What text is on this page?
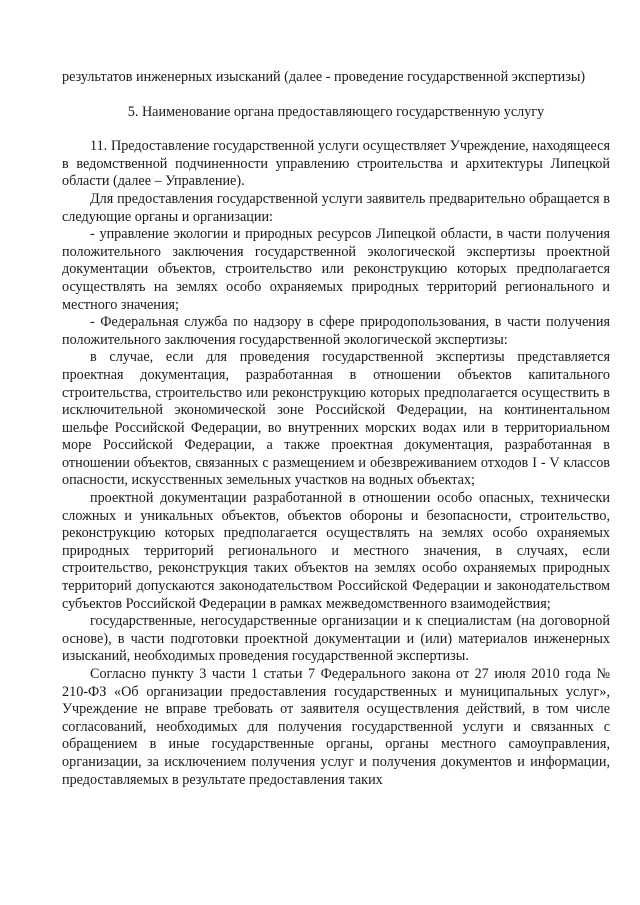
результатов инженерных изысканий (далее - проведение государственной экспертизы)

5. Наименование органа предоставляющего государственную услугу

11. Предоставление государственной услуги осуществляет Учреждение, находящееся в ведомственной подчиненности управлению строительства и архитектуры Липецкой области (далее – Управление).

Для предоставления государственной услуги заявитель предварительно обращается в следующие органы и организации:

- управление экологии и природных ресурсов Липецкой области, в части получения положительного заключения государственной экологической экспертизы проектной документации объектов, строительство или реконструкцию которых предполагается осуществлять на землях особо охраняемых природных территорий регионального и местного значения;

- Федеральная служба по надзору в сфере природопользования, в части получения положительного заключения государственной экологической экспертизы:

в случае, если для проведения государственной экспертизы представляется проектная документация, разработанная в отношении объектов капитального строительства, строительство или реконструкцию которых предполагается осуществить в исключительной экономической зоне Российской Федерации, на континентальном шельфе Российской Федерации, во внутренних морских водах или в территориальном море Российской Федерации, а также проектная документация, разработанная в отношении объектов, связанных с размещением и обезвреживанием отходов I - V классов опасности, искусственных земельных участков на водных объектах;

проектной документации разработанной в отношении особо опасных, технически сложных и уникальных объектов, объектов обороны и безопасности, строительство, реконструкцию которых предполагается осуществлять на землях особо охраняемых природных территорий регионального и местного значения, в случаях, если строительство, реконструкция таких объектов на землях особо охраняемых природных территорий допускаются законодательством Российской Федерации и законодательством субъектов Российской Федерации в рамках межведомственного взаимодействия;

государственные, негосударственные организации и к специалистам (на договорной основе), в части подготовки проектной документации и (или) материалов инженерных изысканий, необходимых проведения государственной экспертизы.

Согласно пункту 3 части 1 статьи 7 Федерального закона от 27 июля 2010 года № 210-ФЗ «Об организации предоставления государственных и муниципальных услуг», Учреждение не вправе требовать от заявителя осуществления действий, в том числе согласований, необходимых для получения государственной услуги и связанных с обращением в иные государственные органы, органы местного самоуправления, организации, за исключением получения услуг и получения документов и информации, предоставляемых в результате предоставления таких
